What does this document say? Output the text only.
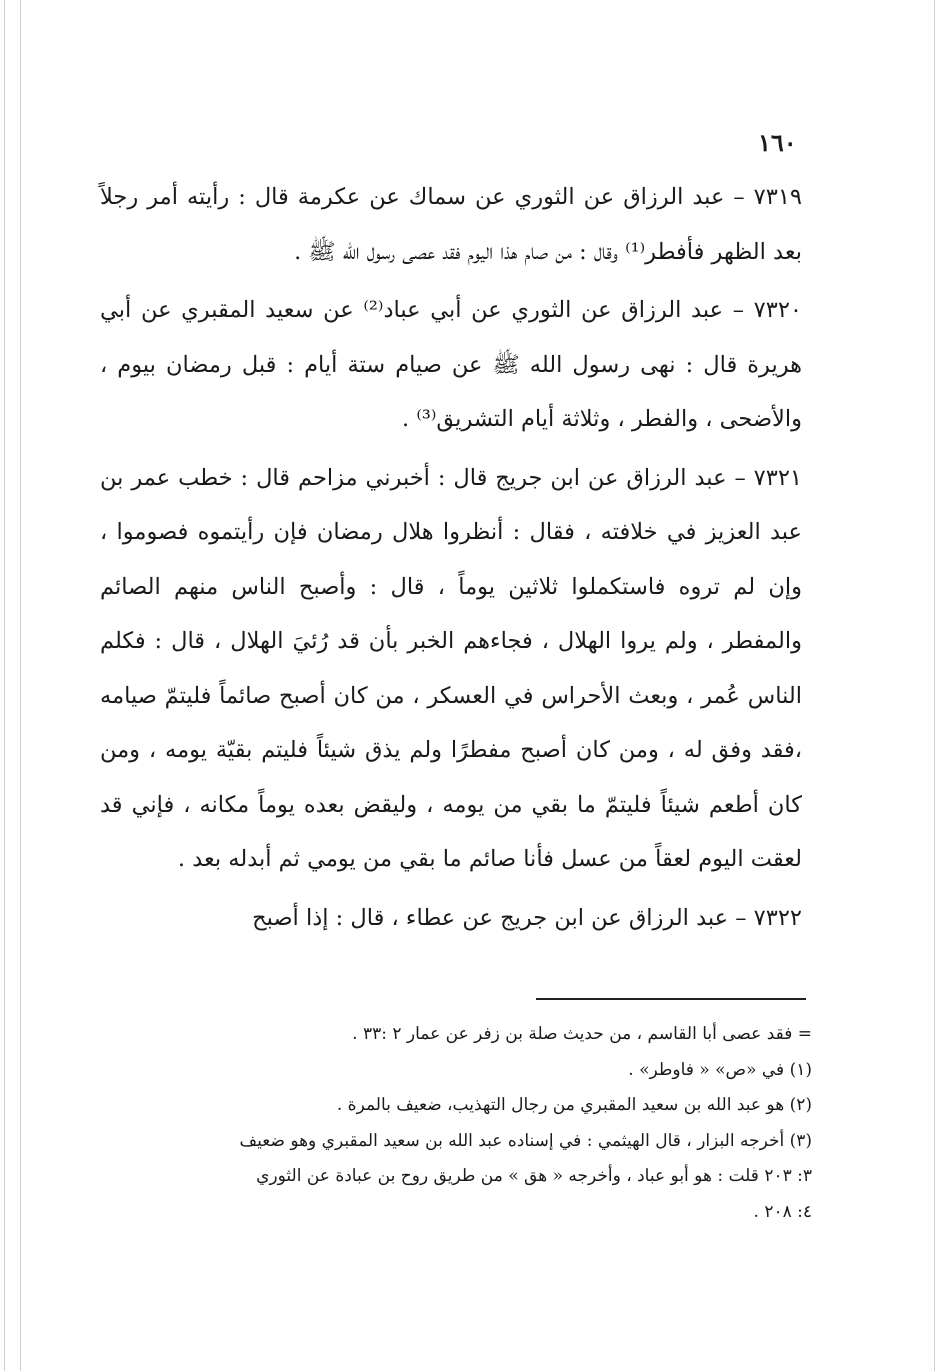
١٦٠

٧٣١٩ – عبد الرزاق عن الثوري عن سماك عن عكرمة قال : رأيته أمر رجلاً بعد الظهر فأفطر⁽¹⁾ وقال : من صام هذا اليوم فقد عصى رسول الله ﷺ .

٧٣٢٠ – عبد الرزاق عن الثوري عن أبي عباد⁽²⁾ عن سعيد المقبري عن أبي هريرة قال : نهى رسول الله ﷺ عن صيام ستة أيام : قبل رمضان بيوم ، والأضحى ، والفطر ، وثلاثة أيام التشريق⁽³⁾ .

٧٣٢١ – عبد الرزاق عن ابن جريج قال : أخبرني مزاحم قال : خطب عمر بن عبد العزيز في خلافته ، فقال : أنظروا هلال رمضان فإن رأيتموه فصوموا ، وإن لم تروه فاستكملوا ثلاثين يوماً ، قال : وأصبح الناس منهم الصائم والمفطر ، ولم يروا الهلال ، فجاءهم الخبر بأن قد رُئيَ الهلال ، قال : فكلم الناس عُمر ، وبعث الأحراس في العسكر ، من كان أصبح صائماً فليتمّ صيامه ،فقد وفق له ، ومن كان أصبح مفطرًا ولم يذق شيئاً فليتم بقيّة يومه ، ومن كان أطعم شيئاً فليتمّ ما بقي من يومه ، وليقض بعده يوماً مكانه ، فإني قد لعقت اليوم لعقاً من عسل فأنا صائم ما بقي من يومي ثم أبدله بعد .

٧٣٢٢ – عبد الرزاق عن ابن جريج عن عطاء ، قال : إذا أصبح

= فقد عصى أبا القاسم ، من حديث صلة بن زفر عن عمار ٢ :٣٣ .

(١) في «ص» « فاوطر» .

(٢) هو عبد الله بن سعيد المقبري من رجال التهذيب، ضعيف بالمرة .

(٣) أخرجه البزار ، قال الهيثمي : في إسناده عبد الله بن سعيد المقبري وهو ضعيف

٣: ٢٠٣ قلت : هو أبو عباد ، وأخرجه « هق » من طريق روح بن عبادة عن الثوري

٤: ٢٠٨ .
